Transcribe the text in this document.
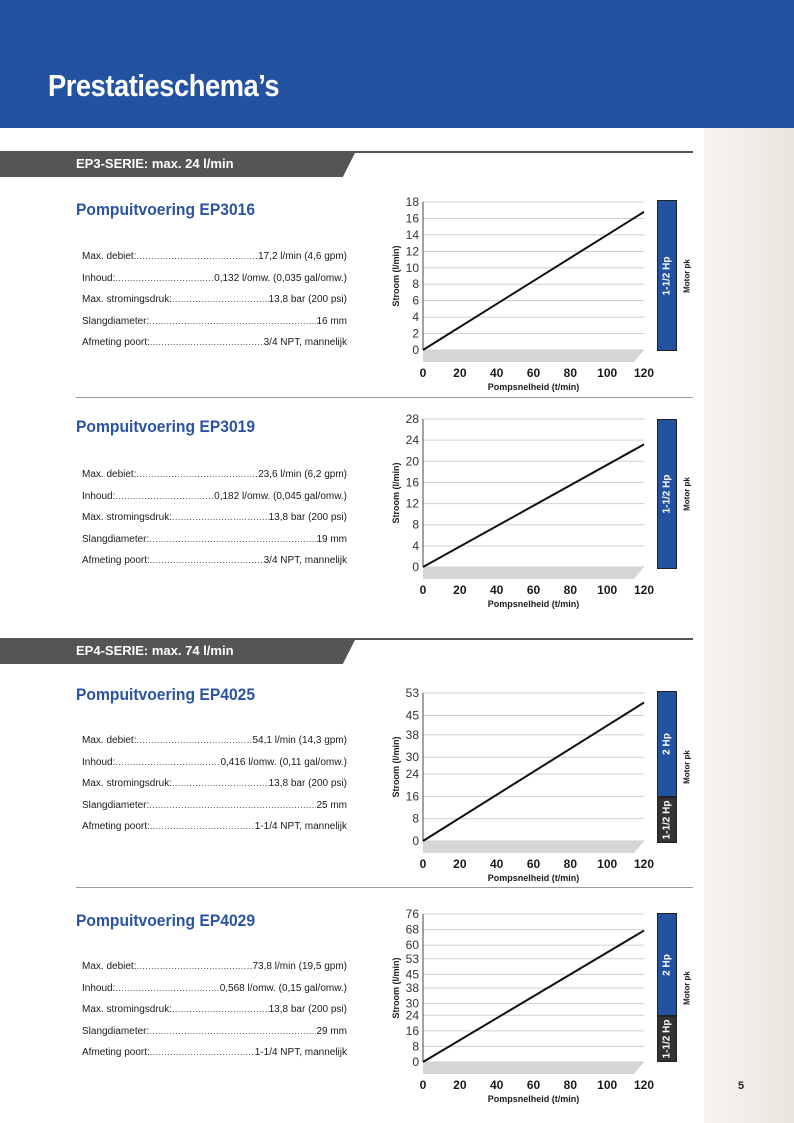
Prestatieschema’s
5
EP3-SERIE: max. 24 l/min
EP4-SERIE: max. 74 l/min
Pompuitvoering EP3016
Max. debiet: .....	17,2 l/min (4,6 gpm)
Inhoud: .....	0,132 l/omw. (0,035 gal/omw.)
Max. stromingsdruk: .....	13,8 bar (200 psi)
Slangdiameter: .....	16 mm
Afmeting poort: .....	3/4 NPT, mannelijk
0
2
4
6
8
10
12
14
16
18
0 20 40 60 80 100 120
Pompsnelheid (t/min)
Stroom (l/min)	1-1/2 Hp Motor pk
Pompuitvoering EP3019
Max. debiet: .....	23,6 l/min (6,2 gpm)
Inhoud: .....	0,182 l/omw. (0,045 gal/omw.)
Max. stromingsdruk: .....	13,8 bar (200 psi)
Slangdiameter: .....	19 mm
Afmeting poort: .....	3/4 NPT, mannelijk	0
4
8
12
16
20
24
28
0 20 40 60 80 100 120
Pompsnelheid (t/min)
Stroom (l/min)	1-1/2 Hp Motor pk
Pompuitvoering EP4025
Max. debiet: .....	54,1 l/min (14,3 gpm)
Inhoud: .....	0,416 l/omw. (0,11 gal/omw.)
Max. stromingsdruk: .....	13,8 bar (200 psi)
Slangdiameter: .....	25 mm
Afmeting poort: .....	1-1/4 NPT, mannelijk
0
8
16
24
30
38
45
53
0 20 40 60 80 100 120
Pompsnelheid (t/min)
Stroom (l/min)	2 Hp
1-1/2 Hp
Motor pk
Pompuitvoering EP4029
Max. debiet: .....	73,8 l/min (19,5 gpm)
Inhoud: .....	0,568 l/omw. (0,15 gal/omw.)
Max. stromingsdruk: .....	13,8 bar (200 psi)
Slangdiameter: .....	29 mm
Afmeting poort: .....	1-1/4 NPT, mannelijk
0
8
16
24
30
38
45
53
60
68
76
0 20 40 60 80 100 120
Pompsnelheid (t/min)
Stroom (l/min)	2 Hp
1-1/2 Hp
Motor pk
